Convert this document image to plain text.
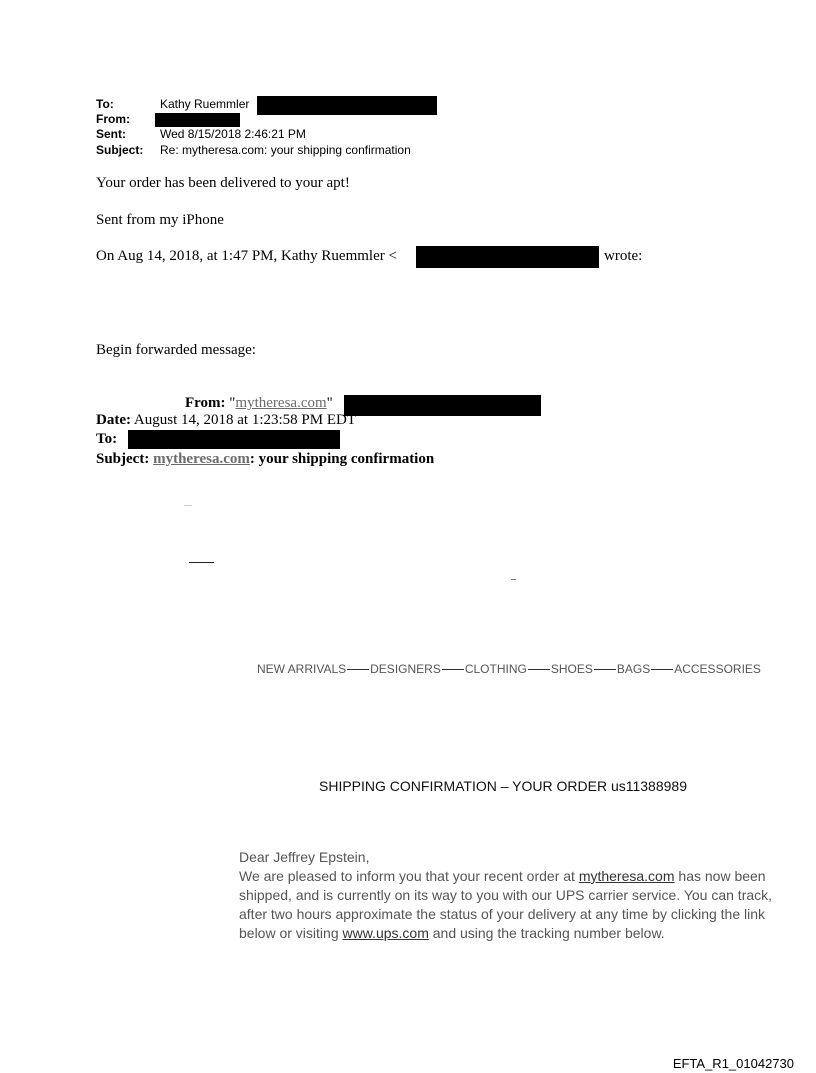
To:	Kathy Ruemmler
From:
Sent:	Wed 8/15/2018 2:46:21 PM
Subject: Re: mytheresa.com: your shipping confirmation
Your order has been delivered to your apt!
Sent from my iPhone
On Aug 14, 2018, at 1:47 PM, Kathy Ruemmler <	wrote:
Begin forwarded message:
From: "mytheresa.com"
Date: August 14, 2018 at 1:23:58 PM EDT
To:
Subject: mytheresa.com: your shipping confirmation
NEW ARRIVALS DESIGNERS CLOTHING SHOES BAGS ACCESSORIES
SHIPPING CONFIRMATION – YOUR ORDER us11388989

Dear Jeffrey Epstein,

We are pleased to inform you that your recent order at mytheresa.com has now been shipped, and is currently on its way to you with our UPS carrier service. You can track, after two hours approximate the status of your delivery at any time by clicking the link below or visiting www.ups.com and using the tracking number below.

EFTA_R1_01042730
